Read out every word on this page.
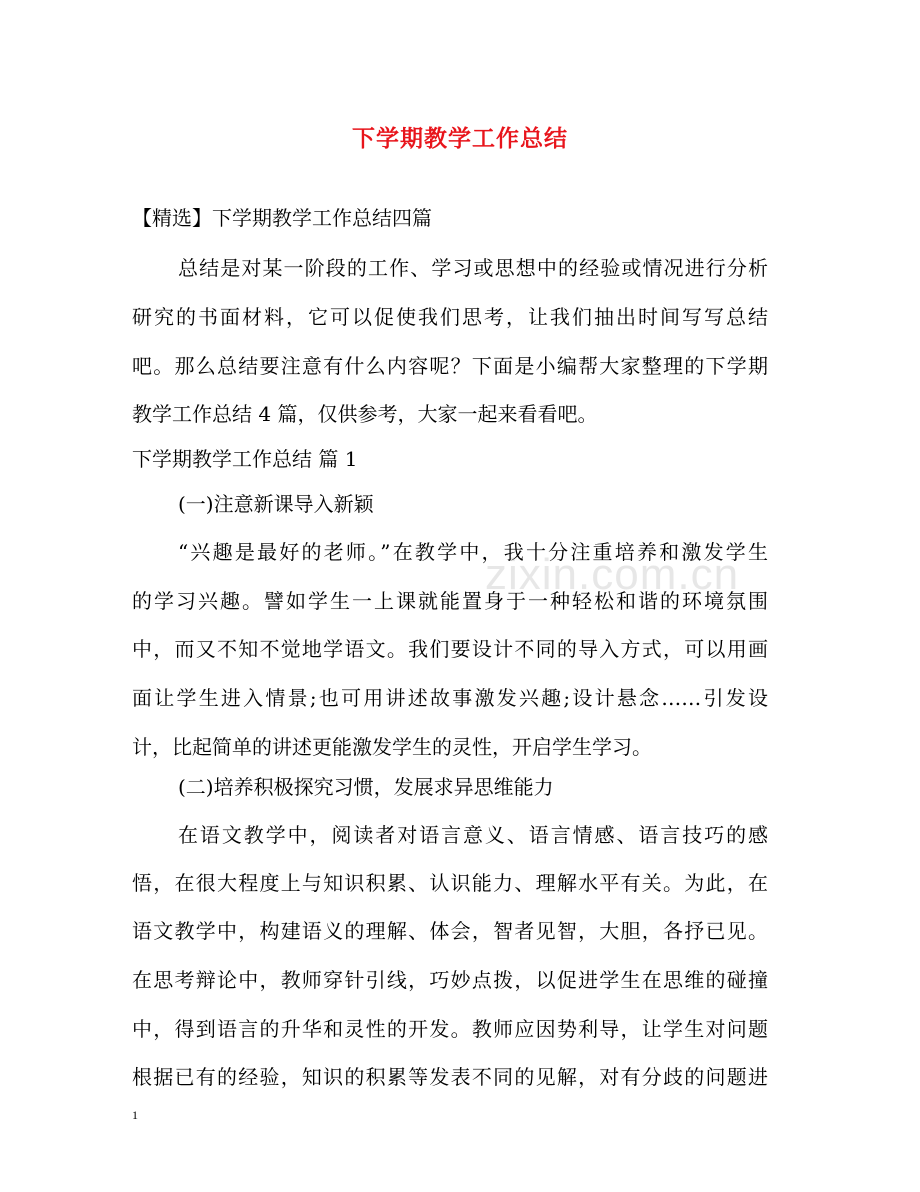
zixin.com.cn
下学期教学工作总结
【精选】下学期教学工作总结四篇
总结是对某一阶段的工作、学习或思想中的经验或情况进行分析
研究的书面材料，它可以促使我们思考，让我们抽出时间写写总结
吧。那么总结要注意有什么内容呢？下面是小编帮大家整理的下学期
教学工作总结 4 篇，仅供参考，大家一起来看看吧。
下学期教学工作总结 篇 1
(一)注意新课导入新颖
“兴趣是最好的老师。”在教学中，我十分注重培养和激发学生
的学习兴趣。譬如学生一上课就能置身于一种轻松和谐的环境氛围
中，而又不知不觉地学语文。我们要设计不同的导入方式，可以用画
面让学生进入情景;也可用讲述故事激发兴趣;设计悬念……引发设
计，比起简单的讲述更能激发学生的灵性，开启学生学习。
(二)培养积极探究习惯，发展求异思维能力
在语文教学中，阅读者对语言意义、语言情感、语言技巧的感
悟，在很大程度上与知识积累、认识能力、理解水平有关。为此，在
语文教学中，构建语义的理解、体会，智者见智，大胆，各抒已见。
在思考辩论中，教师穿针引线，巧妙点拨，以促进学生在思维的碰撞
中，得到语言的升华和灵性的开发。教师应因势利导，让学生对问题
根据已有的经验，知识的积累等发表不同的见解，对有分歧的问题进
1
